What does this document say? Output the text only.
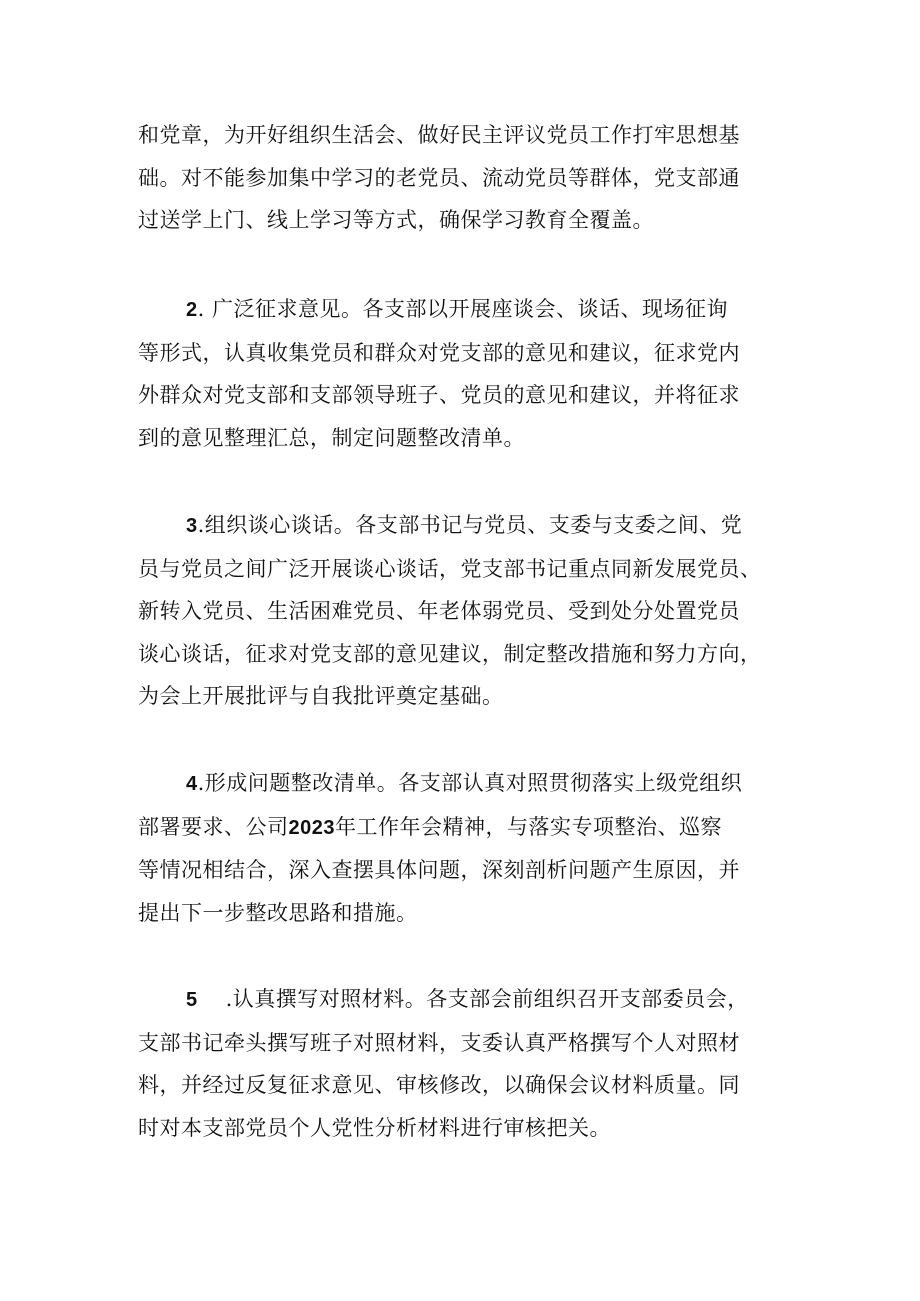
和党章，为开好组织生活会、做好民主评议党员工作打牢思想基
础。对不能参加集中学习的老党员、流动党员等群体，党支部通
过送学上门、线上学习等方式，确保学习教育全覆盖。
2. 广泛征求意见。各支部以开展座谈会、谈话、现场征询
等形式，认真收集党员和群众对党支部的意见和建议，征求党内
外群众对党支部和支部领导班子、党员的意见和建议，并将征求
到的意见整理汇总，制定问题整改清单。
3.组织谈心谈话。各支部书记与党员、支委与支委之间、党
员与党员之间广泛开展谈心谈话，党支部书记重点同新发展党员、
新转入党员、生活困难党员、年老体弱党员、受到处分处置党员
谈心谈话，征求对党支部的意见建议，制定整改措施和努力方向，
为会上开展批评与自我批评奠定基础。
4.形成问题整改清单。各支部认真对照贯彻落实上级党组织
部署要求、公司2023年工作年会精神，与落实专项整治、巡察
等情况相结合，深入查摆具体问题，深刻剖析问题产生原因，并
提出下一步整改思路和措施。
5 .认真撰写对照材料。各支部会前组织召开支部委员会，
支部书记牵头撰写班子对照材料，支委认真严格撰写个人对照材
料，并经过反复征求意见、审核修改，以确保会议材料质量。同
时对本支部党员个人党性分析材料进行审核把关。
